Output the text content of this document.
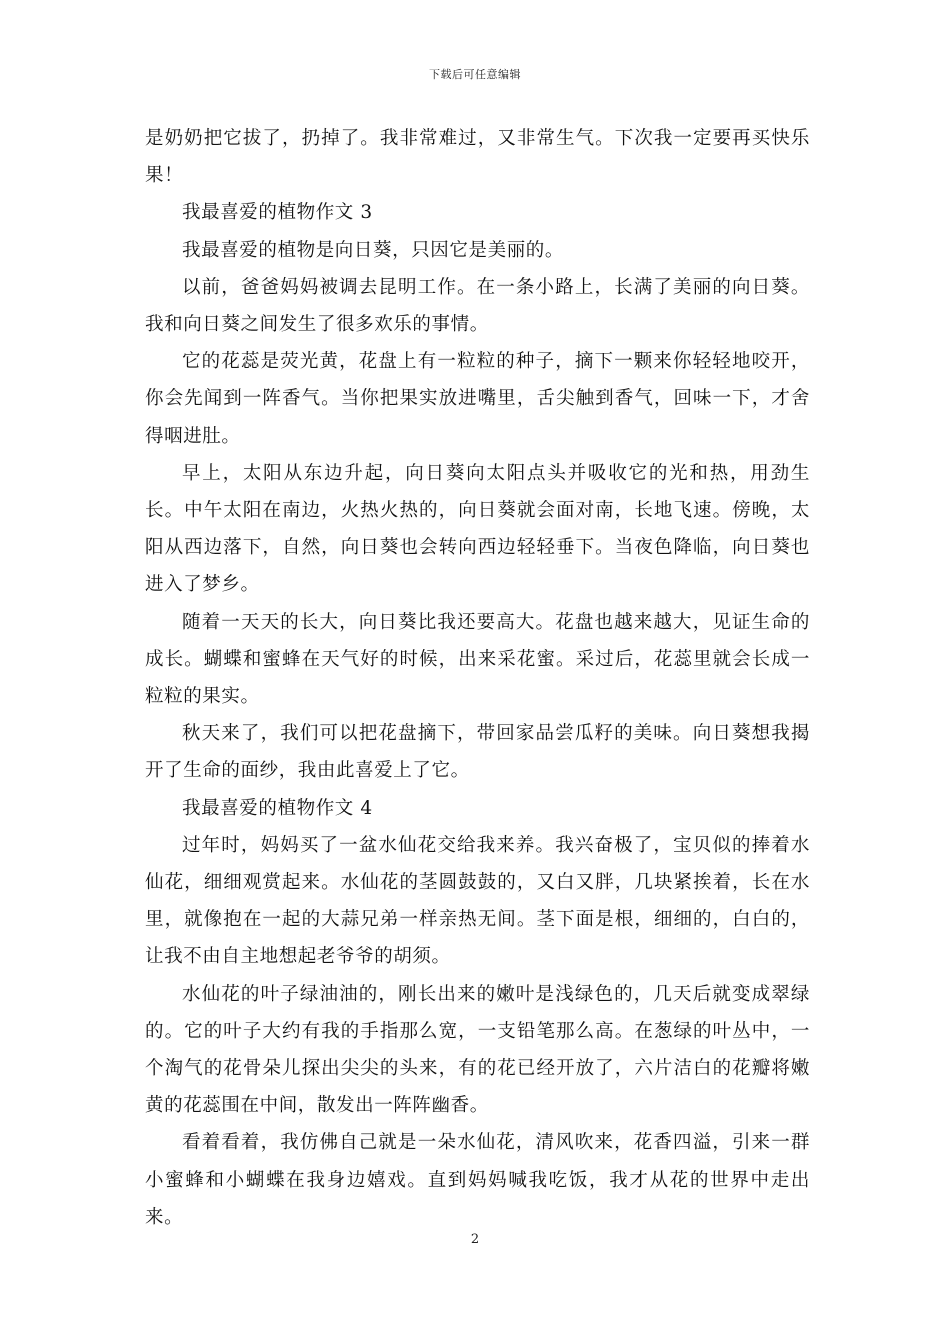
下载后可任意编辑

是奶奶把它拔了，扔掉了。我非常难过，又非常生气。下次我一定要再买快乐果！

我最喜爱的植物作文 3

我最喜爱的植物是向日葵，只因它是美丽的。

以前，爸爸妈妈被调去昆明工作。在一条小路上，长满了美丽的向日葵。我和向日葵之间发生了很多欢乐的事情。

它的花蕊是荧光黄，花盘上有一粒粒的种子，摘下一颗来你轻轻地咬开，你会先闻到一阵香气。当你把果实放进嘴里，舌尖触到香气，回味一下，才舍得咽进肚。

早上，太阳从东边升起，向日葵向太阳点头并吸收它的光和热，用劲生长。中午太阳在南边，火热火热的，向日葵就会面对南，长地飞速。傍晚，太阳从西边落下，自然，向日葵也会转向西边轻轻垂下。当夜色降临，向日葵也进入了梦乡。

随着一天天的长大，向日葵比我还要高大。花盘也越来越大，见证生命的成长。蝴蝶和蜜蜂在天气好的时候，出来采花蜜。采过后，花蕊里就会长成一粒粒的果实。

秋天来了，我们可以把花盘摘下，带回家品尝瓜籽的美味。向日葵想我揭开了生命的面纱，我由此喜爱上了它。

我最喜爱的植物作文 4

过年时，妈妈买了一盆水仙花交给我来养。我兴奋极了，宝贝似的捧着水仙花，细细观赏起来。水仙花的茎圆鼓鼓的，又白又胖，几块紧挨着，长在水里，就像抱在一起的大蒜兄弟一样亲热无间。茎下面是根，细细的，白白的，让我不由自主地想起老爷爷的胡须。

水仙花的叶子绿油油的，刚长出来的嫩叶是浅绿色的，几天后就变成翠绿的。它的叶子大约有我的手指那么宽，一支铅笔那么高。在葱绿的叶丛中，一个淘气的花骨朵儿探出尖尖的头来，有的花已经开放了，六片洁白的花瓣将嫩黄的花蕊围在中间，散发出一阵阵幽香。

看着看着，我仿佛自己就是一朵水仙花，清风吹来，花香四溢，引来一群小蜜蜂和小蝴蝶在我身边嬉戏。直到妈妈喊我吃饭，我才从花的世界中走出来。

2
